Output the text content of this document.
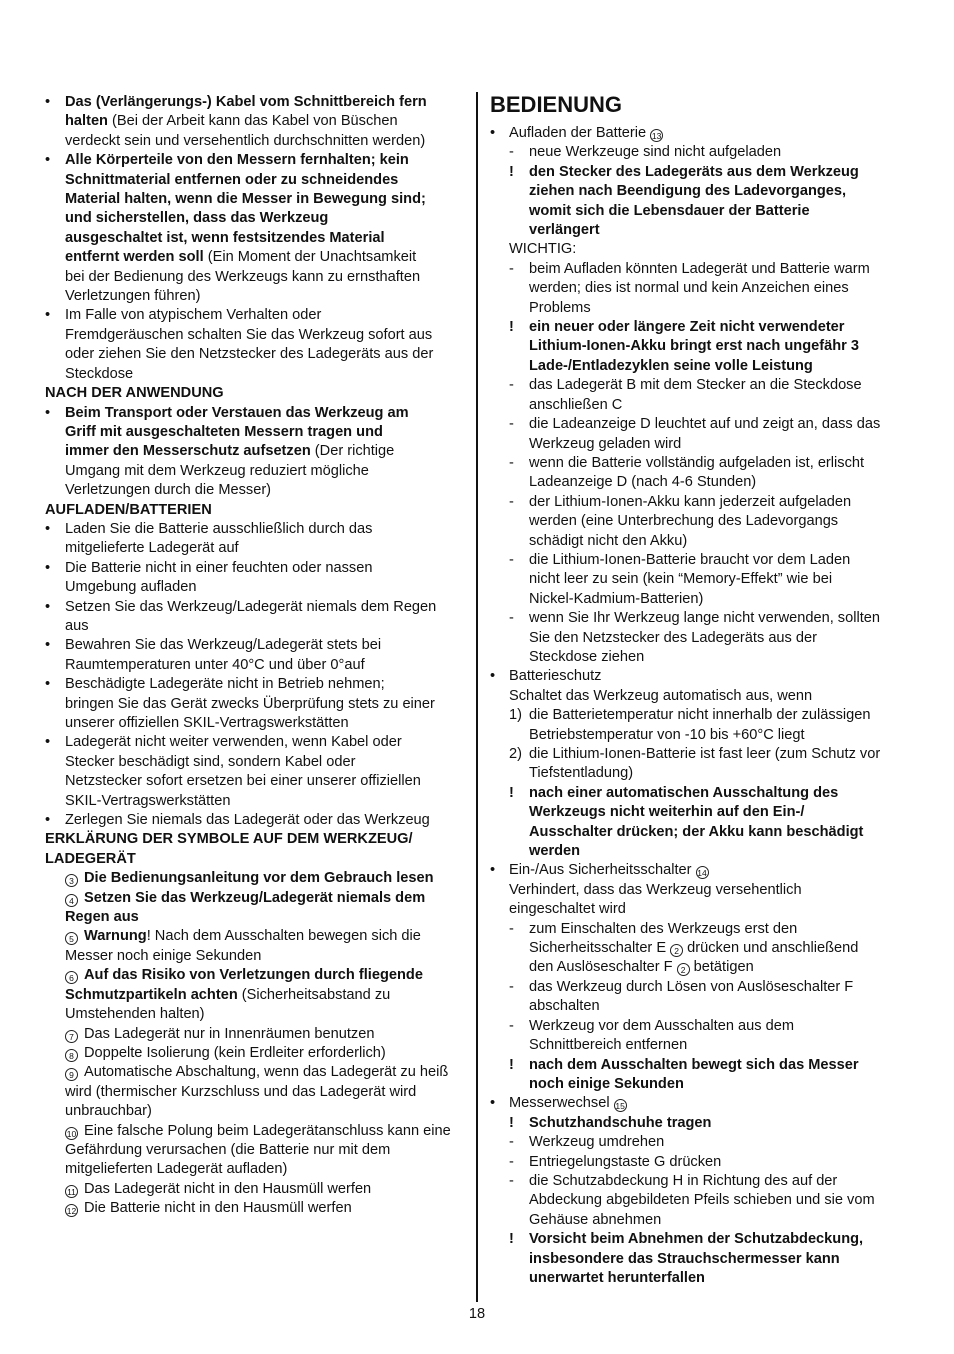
• Das (Verlängerungs-) Kabel vom Schnittbereich fern
halten (Bei der Arbeit kann das Kabel von Büschen
verdeckt sein und versehentlich durchschnitten werden)
• Alle Körperteile von den Messern fernhalten; kein
Schnittmaterial entfernen oder zu schneidendes
Material halten, wenn die Messer in Bewegung sind;
und sicherstellen, dass das Werkzeug
ausgeschaltet ist, wenn festsitzendes Material
entfernt werden soll (Ein Moment der Unachtsamkeit
bei der Bedienung des Werkzeugs kann zu ernsthaften
Verletzungen führen)
• Im Falle von atypischem Verhalten oder
Fremdgeräuschen schalten Sie das Werkzeug sofort aus
oder ziehen Sie den Netzstecker des Ladegeräts aus der
Steckdose
NACH DER ANWENDUNG
• Beim Transport oder Verstauen das Werkzeug am
Griff mit ausgeschalteten Messern tragen und
immer den Messerschutz aufsetzen (Der richtige
Umgang mit dem Werkzeug reduziert mögliche
Verletzungen durch die Messer)
AUFLADEN/BATTERIEN
• Laden Sie die Batterie ausschließlich durch das
mitgelieferte Ladegerät auf
• Die Batterie nicht in einer feuchten oder nassen
Umgebung aufladen
• Setzen Sie das Werkzeug/Ladegerät niemals dem Regen
aus
• Bewahren Sie das Werkzeug/Ladegerät stets bei
Raumtemperaturen unter 40°C und über 0°auf
• Beschädigte Ladegeräte nicht in Betrieb nehmen;
bringen Sie das Gerät zwecks Überprüfung stets zu einer
unserer offiziellen SKIL-Vertragswerkstätten
• Ladegerät nicht weiter verwenden, wenn Kabel oder
Stecker beschädigt sind, sondern Kabel oder
Netzstecker sofort ersetzen bei einer unserer offiziellen
SKIL-Vertragswerkstätten
• Zerlegen Sie niemals das Ladegerät oder das Werkzeug
ERKLÄRUNG DER SYMBOLE AUF DEM WERKZEUG/
LADEGERÄT
3 Die Bedienungsanleitung vor dem Gebrauch lesen
4 Setzen Sie das Werkzeug/Ladegerät niemals dem
Regen aus
5 Warnung! Nach dem Ausschalten bewegen sich die
Messer noch einige Sekunden
6 Auf das Risiko von Verletzungen durch fliegende
Schmutzpartikeln achten (Sicherheitsabstand zu
Umstehenden halten)
7 Das Ladegerät nur in Innenräumen benutzen
8 Doppelte Isolierung (kein Erdleiter erforderlich)
9 Automatische Abschaltung, wenn das Ladegerät zu heiß
wird (thermischer Kurzschluss und das Ladegerät wird
unbrauchbar)
10 Eine falsche Polung beim Ladegerätanschluss kann eine
Gefährdung verursachen (die Batterie nur mit dem
mitgelieferten Ladegerät aufladen)
11 Das Ladegerät nicht in den Hausmüll werfen
12 Die Batterie nicht in den Hausmüll werfen
BEDIENUNG
• Aufladen der Batterie 13
- neue Werkzeuge sind nicht aufgeladen
! den Stecker des Ladegeräts aus dem Werkzeug
ziehen nach Beendigung des Ladevorganges,
womit sich die Lebensdauer der Batterie
verlängert
WICHTIG:
- beim Aufladen könnten Ladegerät und Batterie warm
werden; dies ist normal und kein Anzeichen eines
Problems
! ein neuer oder längere Zeit nicht verwendeter
Lithium-Ionen-Akku bringt erst nach ungefähr 3
Lade-/Entladezyklen seine volle Leistung
- das Ladegerät B mit dem Stecker an die Steckdose
anschließen C
- die Ladeanzeige D leuchtet auf und zeigt an, dass das
Werkzeug geladen wird
- wenn die Batterie vollständig aufgeladen ist, erlischt
Ladeanzeige D (nach 4-6 Stunden)
- der Lithium-Ionen-Akku kann jederzeit aufgeladen
werden (eine Unterbrechung des Ladevorgangs
schädigt nicht den Akku)
- die Lithium-Ionen-Batterie braucht vor dem Laden
nicht leer zu sein (kein “Memory-Effekt” wie bei
Nickel-Kadmium-Batterien)
- wenn Sie Ihr Werkzeug lange nicht verwenden, sollten
Sie den Netzstecker des Ladegeräts aus der
Steckdose ziehen
• Batterieschutz
Schaltet das Werkzeug automatisch aus, wenn
1) die Batterietemperatur nicht innerhalb der zulässigen
Betriebstemperatur von -10 bis +60°C liegt
2) die Lithium-Ionen-Batterie ist fast leer (zum Schutz vor
Tiefstentladung)
! nach einer automatischen Ausschaltung des
Werkzeugs nicht weiterhin auf den Ein-/
Ausschalter drücken; der Akku kann beschädigt
werden
• Ein-/Aus Sicherheitsschalter 14
Verhindert, dass das Werkzeug versehentlich
eingeschaltet wird
- zum Einschalten des Werkzeugs erst den
Sicherheitsschalter E 2 drücken und anschließend
den Auslöseschalter F 2 betätigen
- das Werkzeug durch Lösen von Auslöseschalter F
abschalten
- Werkzeug vor dem Ausschalten aus dem
Schnittbereich entfernen
! nach dem Ausschalten bewegt sich das Messer
noch einige Sekunden
• Messerwechsel 15
! Schutzhandschuhe tragen
- Werkzeug umdrehen
- Entriegelungstaste G drücken
- die Schutzabdeckung H in Richtung des auf der
Abdeckung abgebildeten Pfeils schieben und sie vom
Gehäuse abnehmen
! Vorsicht beim Abnehmen der Schutzabdeckung,
insbesondere das Strauchschermesser kann
unerwartet herunterfallen
18
